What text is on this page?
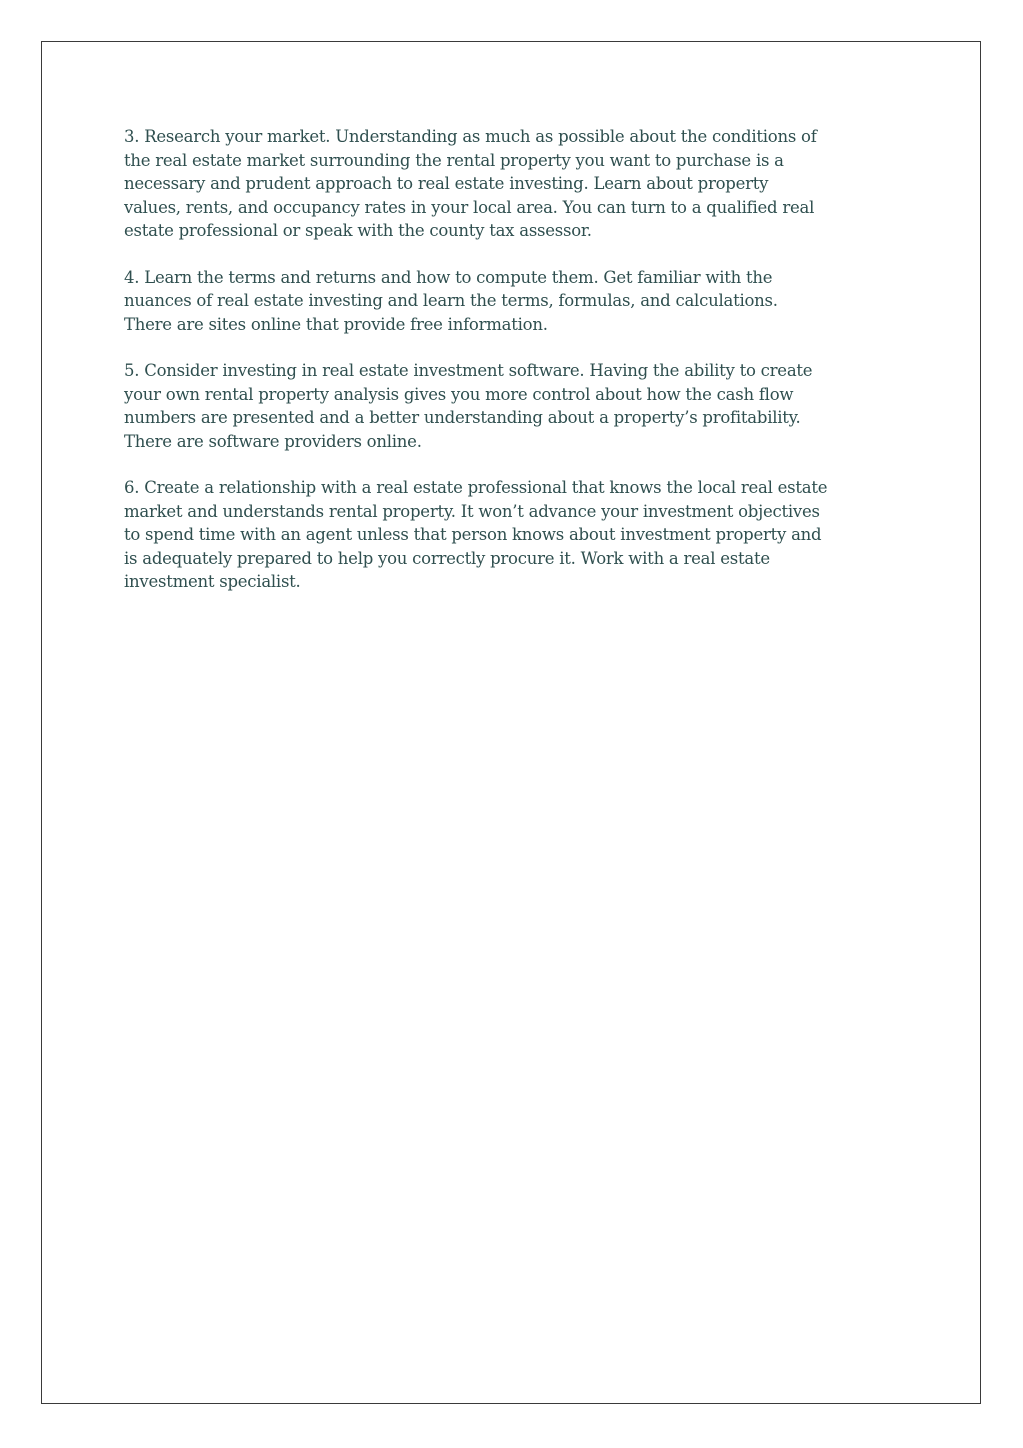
3. Research your market. Understanding as much as possible about the conditions of
the real estate market surrounding the rental property you want to purchase is a
necessary and prudent approach to real estate investing. Learn about property
values, rents, and occupancy rates in your local area. You can turn to a qualified real
estate professional or speak with the county tax assessor.

4. Learn the terms and returns and how to compute them. Get familiar with the
nuances of real estate investing and learn the terms, formulas, and calculations.
There are sites online that provide free information.

5. Consider investing in real estate investment software. Having the ability to create
your own rental property analysis gives you more control about how the cash flow
numbers are presented and a better understanding about a property’s profitability.
There are software providers online.

6. Create a relationship with a real estate professional that knows the local real estate
market and understands rental property. It won’t advance your investment objectives
to spend time with an agent unless that person knows about investment property and
is adequately prepared to help you correctly procure it. Work with a real estate
investment specialist.
